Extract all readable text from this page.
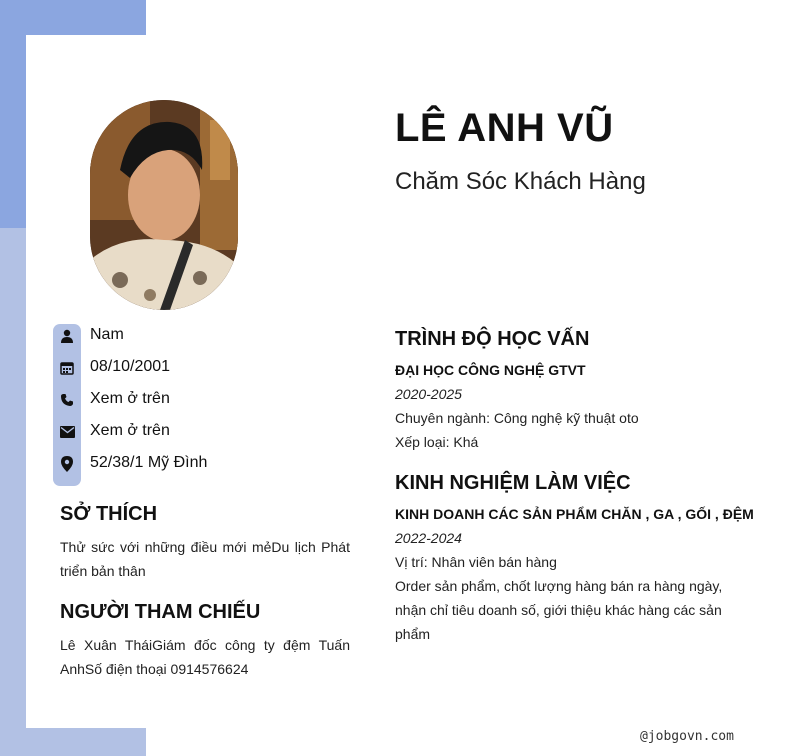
LÊ ANH VŨ

Chăm Sóc Khách Hàng

Nam
08/10/2001
Xem ở trên
Xem ở trên
52/38/1 Mỹ Đình
SỞ THÍCH

Thử sức với những điều mới mẻDu lịch Phát triển bản thân

NGƯỜI THAM CHIẾU

Lê Xuân TháiGiám đốc công ty đệm Tuấn AnhSố điện thoại 0914576624

TRÌNH ĐỘ HỌC VẤN

ĐẠI HỌC CÔNG NGHỆ GTVT

2020-2025

Chuyên ngành: Công nghệ kỹ thuật oto

Xếp loại: Khá

KINH NGHIỆM LÀM VIỆC

KINH DOANH CÁC SẢN PHẨM CHĂN , GA , GỐI , ĐỆM

2022-2024

Vị trí: Nhân viên bán hàng

Order sản phẩm, chốt lượng hàng bán ra hàng ngày, nhận chỉ tiêu doanh số, giới thiệu khác hàng các sản phẩm

@jobgovn.com
